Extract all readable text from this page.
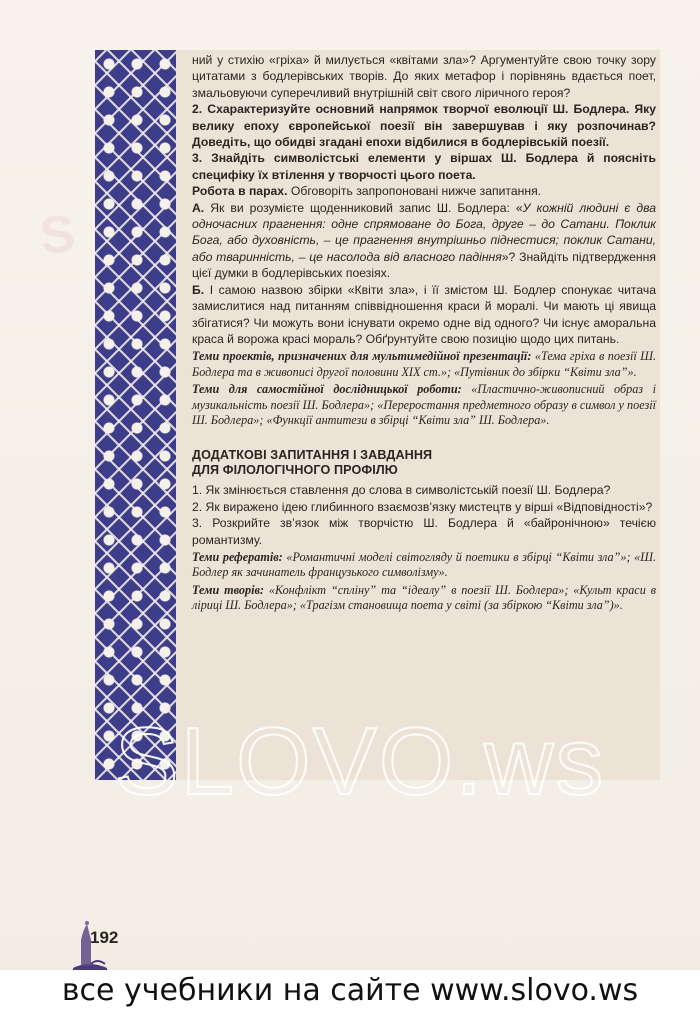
S

ний у стихію «гріха» й милується «квітами зла»? Аргументуйте свою точку зору цитатами з бодлерівських творів. До яких метафор і порівнянь вдається поет, змальовуючи суперечливий внутрішній світ свого ліричного героя?

2. Схарактеризуйте основний напрямок творчої еволюції Ш. Бодлера. Яку велику епоху європейської поезії він завершував і яку розпочинав? Доведіть, що обидві згадані епохи відбилися в бодлерівській поезії.

3. Знайдіть символістські елементи у віршах Ш. Бодлера й поясніть специфіку їх втілення у творчості цього поета.

Робота в парах. Обговоріть запропоновані нижче запитання.

А. Як ви розумієте щоденниковий запис Ш. Бодлера: «У кожній людині є два одночасних прагнення: одне спрямоване до Бога, друге – до Сатани. Поклик Бога, або духовність, – це прагнення внутрішньо піднестися; поклик Сатани, або тваринність, – це насолода від власного падіння»? Знайдіть підтвердження цієї думки в бодлерівських поезіях.

Б. І самою назвою збірки «Квіти зла», і її змістом Ш. Бодлер спонукає читача замислитися над питанням співвідношення краси й моралі. Чи мають ці явища збігатися? Чи можуть вони існувати окремо одне від одного? Чи існує аморальна краса й ворожа красі мораль? Обґрунтуйте свою позицію щодо цих питань.

Теми проектів, призначених для мультимедійної презентації: «Тема гріха в поезії Ш. Бодлера та в живописі другої половини XIX ст.»; «Путівник до збірки “Квіти зла”».

Теми для самостійної дослідницької роботи: «Пластично-живописний образ і музикальність поезії Ш. Бодлера»; «Переростання предметного образу в символ у поезії Ш. Бодлера»; «Функції антитези в збірці “Квіти зла” Ш. Бодлера».

ДОДАТКОВІ ЗАПИТАННЯ І ЗАВДАННЯ
ДЛЯ ФІЛОЛОГІЧНОГО ПРОФІЛЮ

1. Як змінюється ставлення до слова в символістській поезії Ш. Бодлера?

2. Як виражено ідею глибинного взаємозв’язку мистецтв у вірші «Відповідності»?

3. Розкрийте зв’язок між творчістю Ш. Бодлера й «байронічною» течією романтизму.

Теми рефератів: «Романтичні моделі світогляду й поетики в збірці “Квіти зла”»; «Ш. Бодлер як зачинатель французького символізму».

Теми творів: «Конфлікт “спліну” та “ідеалу” в поезії Ш. Бодлера»; «Культ краси в ліриці Ш. Бодлера»; «Трагізм становища поета у світі (за збіркою “Квіти зла”)».

SLOVO.ws
192
все учебники на сайте www.slovo.ws
